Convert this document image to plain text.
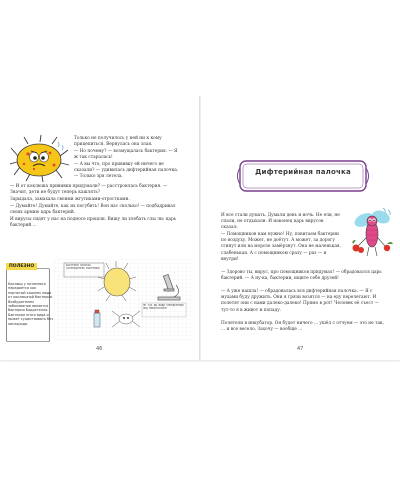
Только не получилось у ней ни к кому прицепиться. Вернулась она злая.

— Но почему? — возмущалась бактерия. — Я ж так старалась!

— А вы что, про прививку ей ничего не сказали? — удивилась дифтерийная палочка. — Только зря летела.

— И от коклюша прививки придумали? — расстроилась бактерия. — Значит, дети не будут теперь кашлять?

Зарыдала, замахала своими жгутиками-отростками.

— Думайте! Думайте, как их погубить! Вон нас сколько! — подбадривал своих армию царь бактерий.

И вирусы сидят у нас на подносе прошли. Вишу ли хлебать слы ли: царь бактерий ...

ПОЛЕЗНО

Коклюш у потомного передаётся как пернатый кашлем люди от коклюшной бактерии. Возбудителем заболевания является бактерия Бордетелла. Бактерия этого вида и может существовать без кислорода.

БАКТЕРИЯ ПАЛОЧКА (ВОЗБУДИТЕЛЬ БАКТЕРИЯ)
НЕ ТАК ВЫ ВИДИ ОПРЕДЕЛЕНИЯ ПОД МИКРОСКОПОМ
46
Дифтерийная палочка

И все стали думать. Думали день и ночь. Не ели, не спали, не отдыхали. И наконец царь вирусов сказал:

— Помощников нам нужно! Ну, повитаем бактерии по воздуху. Может, не доётут. А может, за дорогу сгинут или на морозе замёрзнут. Она не маленькая, слабенькая. А с помощником сразу — раз — и внутри!

— Здорово ты, вирус, про помощников придумал! — обрадовался царь бактерий. — А ну-ка, бактерии, ищите себе друзей!

— А уже нашла! — обрадовалась вся дифтерийная палочка. — Я с мухами буду дружить. Они я грязи возятся — на еду перелетают. И полетят они с нами далеко-далеко! Прямо в рот! Человек её съест — тут-то я в живот и попаду.

Полетели в инкубатор. Он будет ничего ... ушёл с отчуем — это не так, ... и все весело. Захочу — вообще ...

47
